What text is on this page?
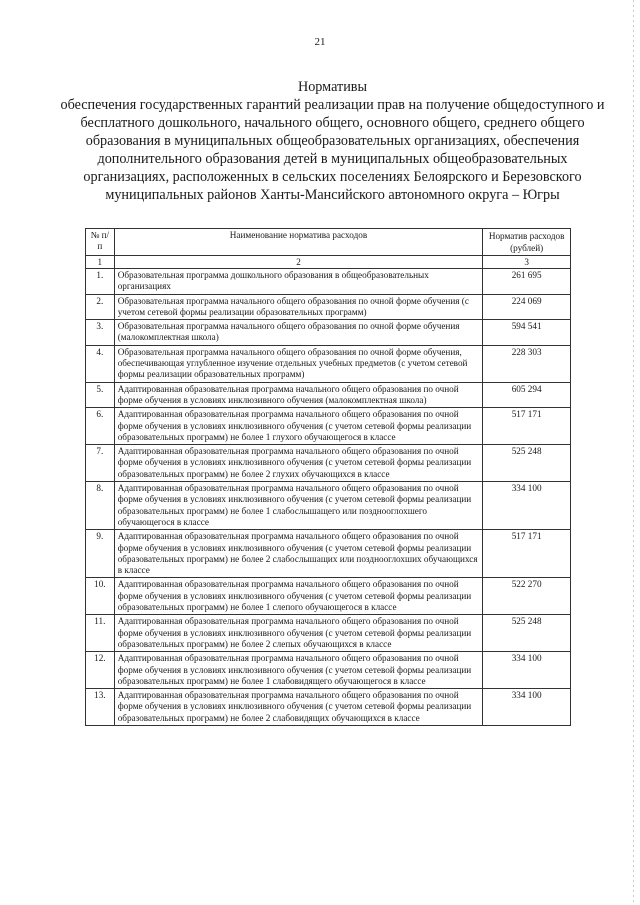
21
Нормативы
обеспечения государственных гарантий реализации прав на получение общедоступного и бесплатного дошкольного, начального общего, основного общего, среднего общего образования в муниципальных общеобразовательных организациях, обеспечения дополнительного образования детей в муниципальных общеобразовательных организациях, расположенных в сельских поселениях Белоярского и Березовского муниципальных районов Ханты-Мансийского автономного округа – Югры
№ п/п	Наименование норматива расходов	Норматив расходов (рублей)
1	2	3
1.	Образовательная программа дошкольного образования в общеобразовательных организациях	261 695
2.	Образовательная программа начального общего образования по очной форме обучения (с учетом сетевой формы реализации образовательных программ)	224 069
3.	Образовательная программа начального общего образования по очной форме обучения (малокомплектная школа)	594 541
4.	Образовательная программа начального общего образования по очной форме обучения, обеспечивающая углубленное изучение отдельных учебных предметов (с учетом сетевой формы реализации образовательных программ)	228 303
5.	Адаптированная образовательная программа начального общего образования по очной форме обучения в условиях инклюзивного обучения (малокомплектная школа)	605 294
6.	Адаптированная образовательная программа начального общего образования по очной форме обучения в условиях инклюзивного обучения (с учетом сетевой формы реализации образовательных программ) не более 1 глухого обучающегося в классе	517 171
7.	Адаптированная образовательная программа начального общего образования по очной форме обучения в условиях инклюзивного обучения (с учетом сетевой формы реализации образовательных программ) не более 2 глухих обучающихся в классе	525 248
8.	Адаптированная образовательная программа начального общего образования по очной форме обучения в условиях инклюзивного обучения (с учетом сетевой формы реализации образовательных программ) не более 1 слабослышащего или позднооглохшего обучающегося в классе	334 100
9.	Адаптированная образовательная программа начального общего образования по очной форме обучения в условиях инклюзивного обучения (с учетом сетевой формы реализации образовательных программ) не более 2 слабослышащих или позднооглохших обучающихся в классе	517 171
10.	Адаптированная образовательная программа начального общего образования по очной форме обучения в условиях инклюзивного обучения (с учетом сетевой формы реализации образовательных программ) не более 1 слепого обучающегося в классе	522 270
11.	Адаптированная образовательная программа начального общего образования по очной форме обучения в условиях инклюзивного обучения (с учетом сетевой формы реализации образовательных программ) не более 2 слепых обучающихся в классе	525 248
12.	Адаптированная образовательная программа начального общего образования по очной форме обучения в условиях инклюзивного обучения (с учетом сетевой формы реализации образовательных программ) не более 1 слабовидящего обучающегося в классе	334 100
13.	Адаптированная образовательная программа начального общего образования по очной форме обучения в условиях инклюзивного обучения (с учетом сетевой формы реализации образовательных программ) не более 2 слабовидящих обучающихся в классе	334 100
